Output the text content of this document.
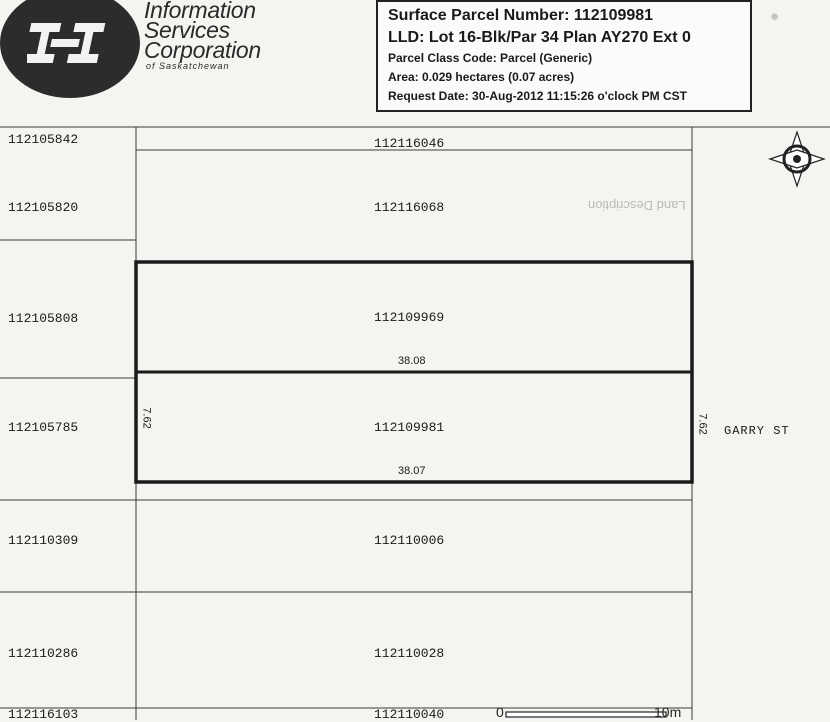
Information
Services
Corporation
of Saskatchewan
●
Land Description
Surface Parcel Number: 112109981
LLD: Lot 16-Blk/Par 34 Plan AY270 Ext 0
Parcel Class Code: Parcel (Generic)
Area: 0.029 hectares (0.07 acres)
Request Date: 30-Aug-2012 11:15:26 o'clock PM CST
112105842
112105820
112105808
112105785
112110309
112110286
112116103
112116046
112116068
112109969
112109981
112110006
112110028
112110040
38.08
38.07
7.62	7.62 GARRY ST
0	10m
